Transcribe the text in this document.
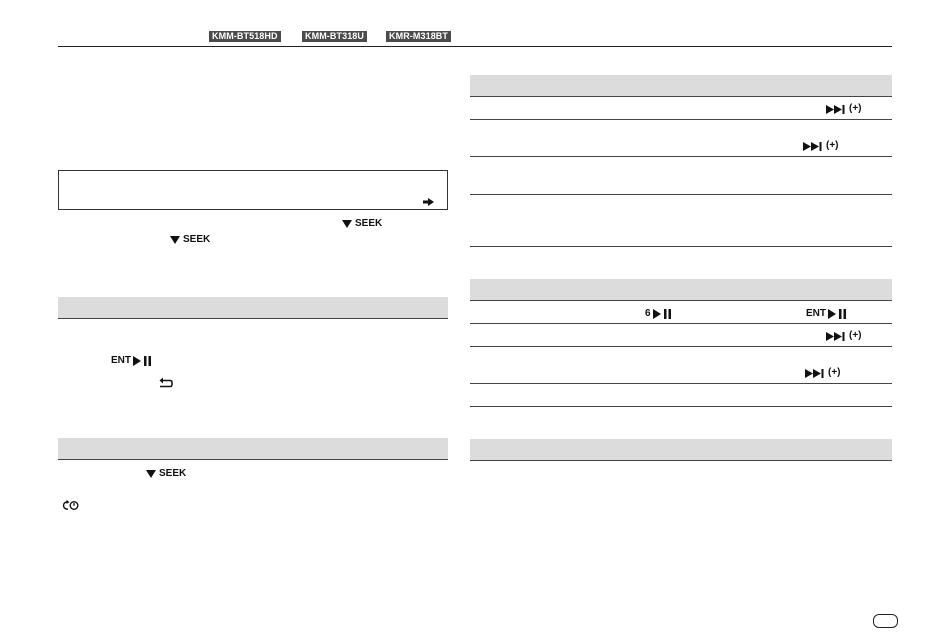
KMM-BT518HD	KMM-BT318U	KMR-M318BT
SEEK
SEEK
ENT
SEEK
(+)
(+)
6	ENT
(+)
(+)
